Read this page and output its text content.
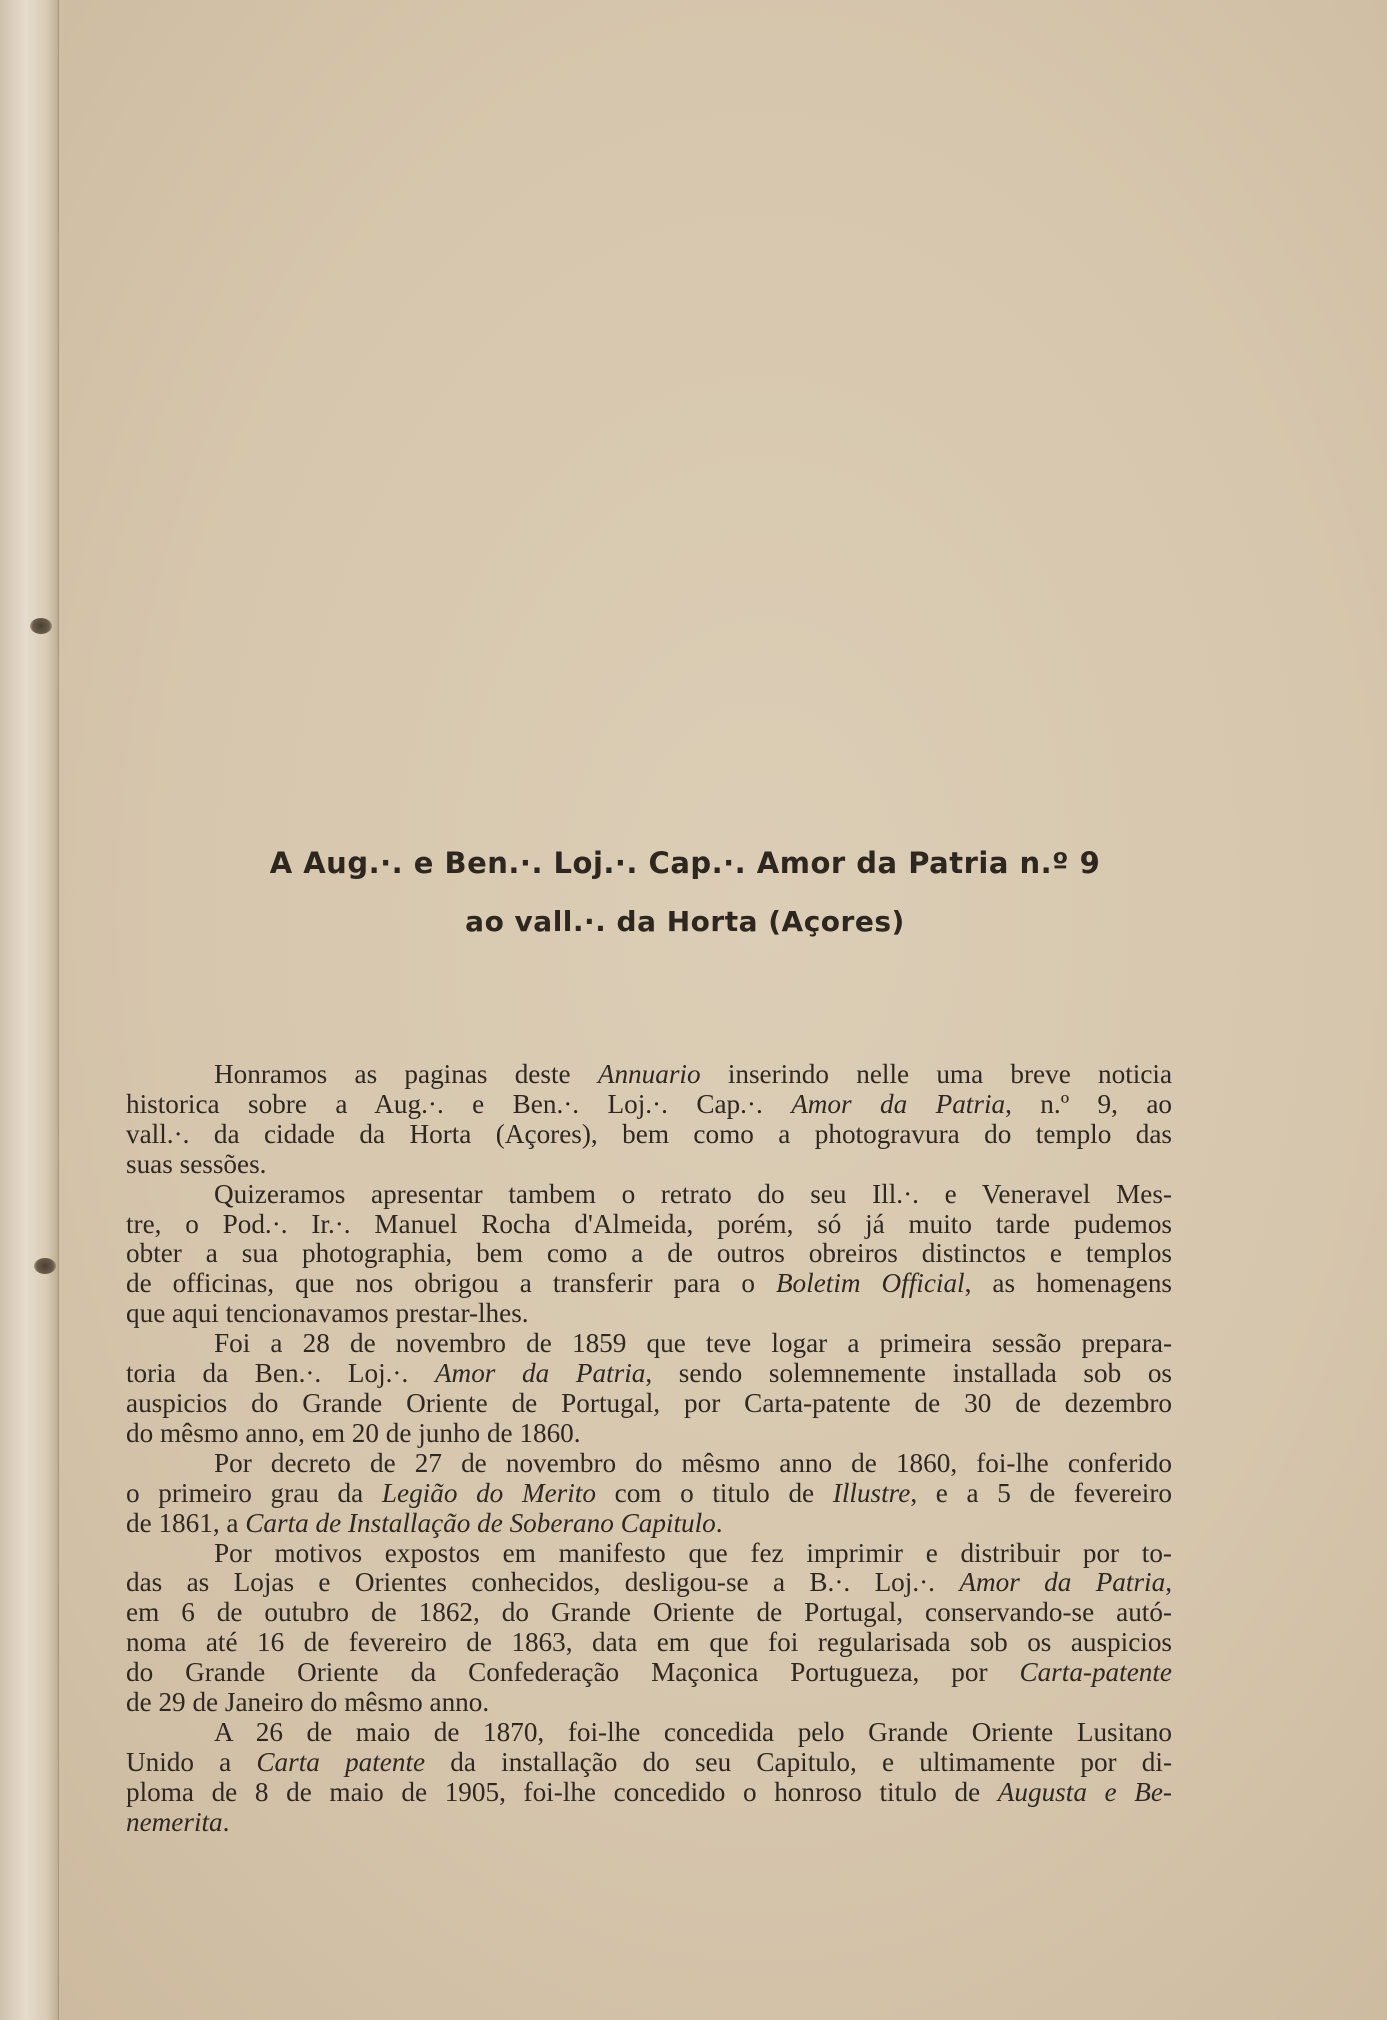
A Aug.·. e Ben.·. Loj.·. Cap.·. Amor da Patria n.º 9
ao vall.·. da Horta (Açores)
Honramos as paginas deste Annuario inserindo nelle uma breve noticia
historica sobre a Aug.·. e Ben.·. Loj.·. Cap.·. Amor da Patria, n.º 9, ao
vall.·. da cidade da Horta (Açores), bem como a photogravura do templo das
suas sessões.
Quizeramos apresentar tambem o retrato do seu Ill.·. e Veneravel Mes-
tre, o Pod.·. Ir.·. Manuel Rocha d'Almeida, porém, só já muito tarde pudemos
obter a sua photographia, bem como a de outros obreiros distinctos e templos
de officinas, que nos obrigou a transferir para o Boletim Official, as homenagens
que aqui tencionavamos prestar-lhes.
Foi a 28 de novembro de 1859 que teve logar a primeira sessão prepara-
toria da Ben.·. Loj.·. Amor da Patria, sendo solemnemente installada sob os
auspicios do Grande Oriente de Portugal, por Carta-patente de 30 de dezembro
do mêsmo anno, em 20 de junho de 1860.
Por decreto de 27 de novembro do mêsmo anno de 1860, foi-lhe conferido
o primeiro grau da Legião do Merito com o titulo de Illustre, e a 5 de fevereiro
de 1861, a Carta de Installação de Soberano Capitulo.
Por motivos expostos em manifesto que fez imprimir e distribuir por to-
das as Lojas e Orientes conhecidos, desligou-se a B.·. Loj.·. Amor da Patria,
em 6 de outubro de 1862, do Grande Oriente de Portugal, conservando-se autó-
noma até 16 de fevereiro de 1863, data em que foi regularisada sob os auspicios
do Grande Oriente da Confederação Maçonica Portugueza, por Carta-patente
de 29 de Janeiro do mêsmo anno.
A 26 de maio de 1870, foi-lhe concedida pelo Grande Oriente Lusitano
Unido a Carta patente da installação do seu Capitulo, e ultimamente por di-
ploma de 8 de maio de 1905, foi-lhe concedido o honroso titulo de Augusta e Be-
nemerita.
